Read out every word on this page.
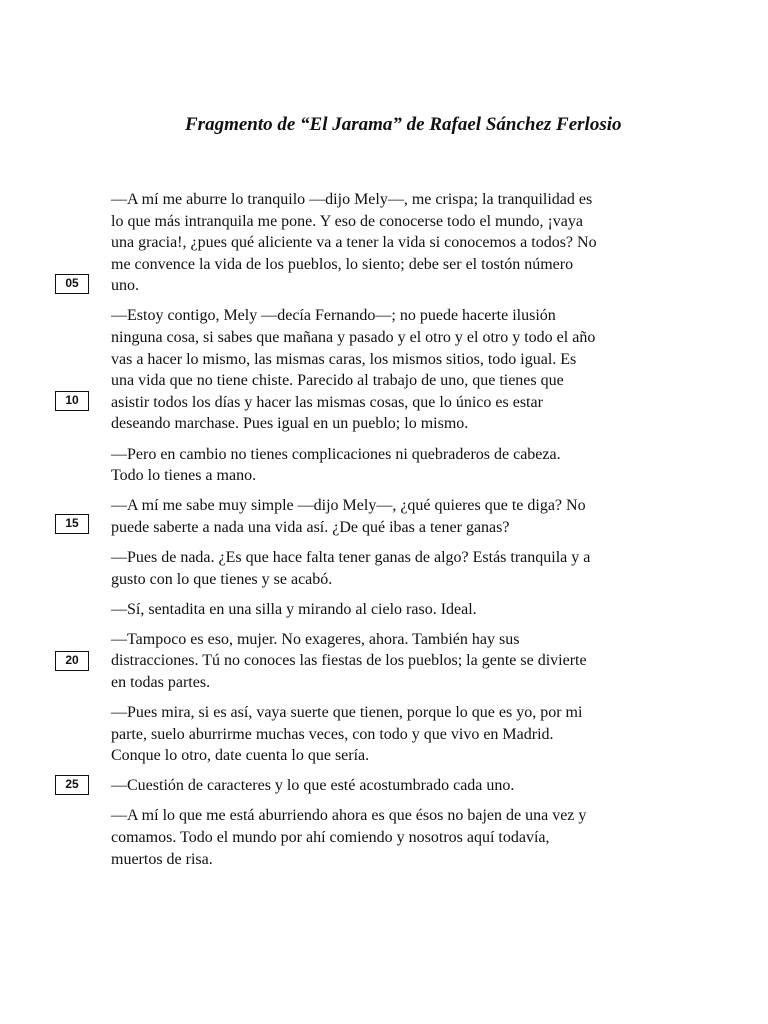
Fragmento de “El Jarama” de Rafael Sánchez Ferlosio
05
10
15
20
25
—A mí me aburre lo tranquilo —dijo Mely—, me crispa; la tranquilidad es
lo que más intranquila me pone. Y eso de conocerse todo el mundo, ¡vaya
una gracia!, ¿pues qué aliciente va a tener la vida si conocemos a todos? No
me convence la vida de los pueblos, lo siento; debe ser el tostón número
uno.
—Estoy contigo, Mely —decía Fernando—; no puede hacerte ilusión
ninguna cosa, si sabes que mañana y pasado y el otro y el otro y todo el año
vas a hacer lo mismo, las mismas caras, los mismos sitios, todo igual. Es
una vida que no tiene chiste. Parecido al trabajo de uno, que tienes que
asistir todos los días y hacer las mismas cosas, que lo único es estar
deseando marchase. Pues igual en un pueblo; lo mismo.
—Pero en cambio no tienes complicaciones ni quebraderos de cabeza.
Todo lo tienes a mano.
—A mí me sabe muy simple —dijo Mely—, ¿qué quieres que te diga? No
puede saberte a nada una vida así. ¿De qué ibas a tener ganas?
—Pues de nada. ¿Es que hace falta tener ganas de algo? Estás tranquila y a
gusto con lo que tienes y se acabó.
—Sí, sentadita en una silla y mirando al cielo raso. Ideal.
—Tampoco es eso, mujer. No exageres, ahora. También hay sus
distracciones. Tú no conoces las fiestas de los pueblos; la gente se divierte
en todas partes.
—Pues mira, si es así, vaya suerte que tienen, porque lo que es yo, por mi
parte, suelo aburrirme muchas veces, con todo y que vivo en Madrid.
Conque lo otro, date cuenta lo que sería.
—Cuestión de caracteres y lo que esté acostumbrado cada uno.
—A mí lo que me está aburriendo ahora es que ésos no bajen de una vez y
comamos. Todo el mundo por ahí comiendo y nosotros aquí todavía,
muertos de risa.
